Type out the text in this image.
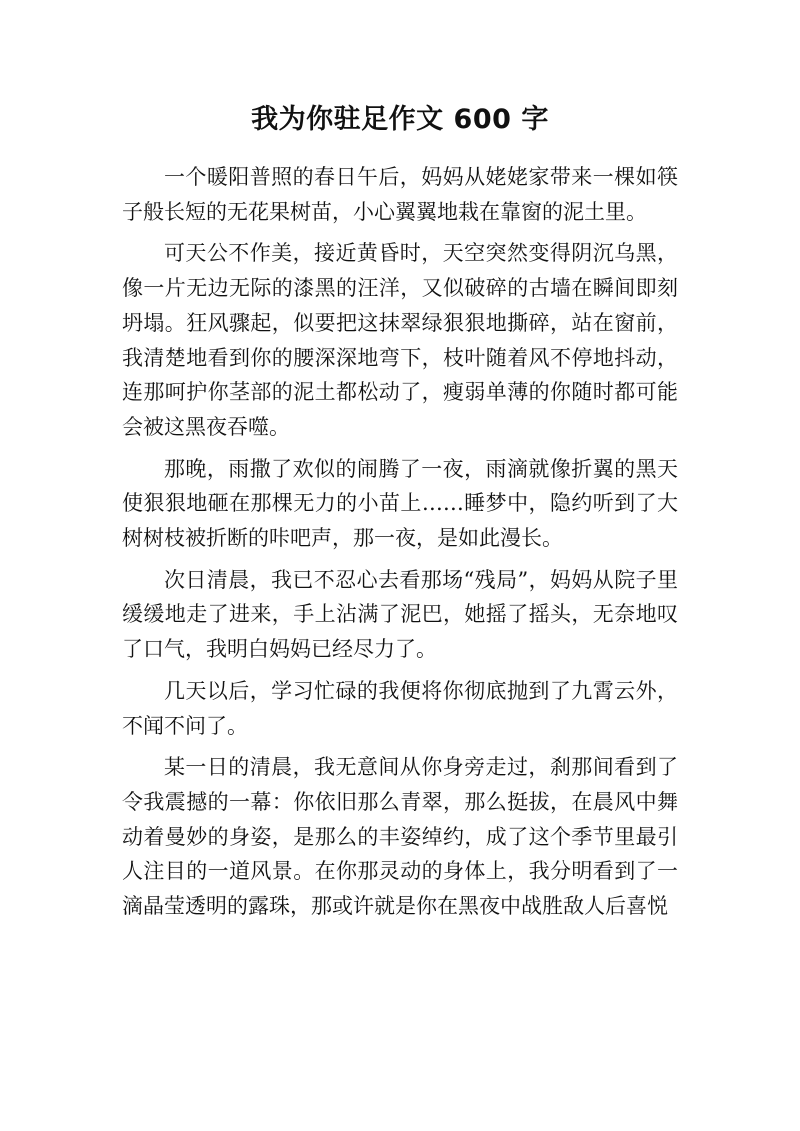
我为你驻足作文 600 字

一个暖阳普照的春日午后，妈妈从姥姥家带来一棵如筷子般长短的无花果树苗，小心翼翼地栽在靠窗的泥土里。

可天公不作美，接近黄昏时，天空突然变得阴沉乌黑，像一片无边无际的漆黑的汪洋，又似破碎的古墙在瞬间即刻坍塌。狂风骤起，似要把这抹翠绿狠狠地撕碎，站在窗前，我清楚地看到你的腰深深地弯下，枝叶随着风不停地抖动，连那呵护你茎部的泥土都松动了，瘦弱单薄的你随时都可能会被这黑夜吞噬。

那晚，雨撒了欢似的闹腾了一夜，雨滴就像折翼的黑天使狠狠地砸在那棵无力的小苗上……睡梦中，隐约听到了大树树枝被折断的咔吧声，那一夜，是如此漫长。

次日清晨，我已不忍心去看那场“残局”，妈妈从院子里缓缓地走了进来，手上沾满了泥巴，她摇了摇头，无奈地叹了口气，我明白妈妈已经尽力了。

几天以后，学习忙碌的我便将你彻底抛到了九霄云外，不闻不问了。

某一日的清晨，我无意间从你身旁走过，刹那间看到了令我震撼的一幕：你依旧那么青翠，那么挺拔，在晨风中舞动着曼妙的身姿，是那么的丰姿绰约，成了这个季节里最引人注目的一道风景。在你那灵动的身体上，我分明看到了一滴晶莹透明的露珠，那或许就是你在黑夜中战胜敌人后喜悦
